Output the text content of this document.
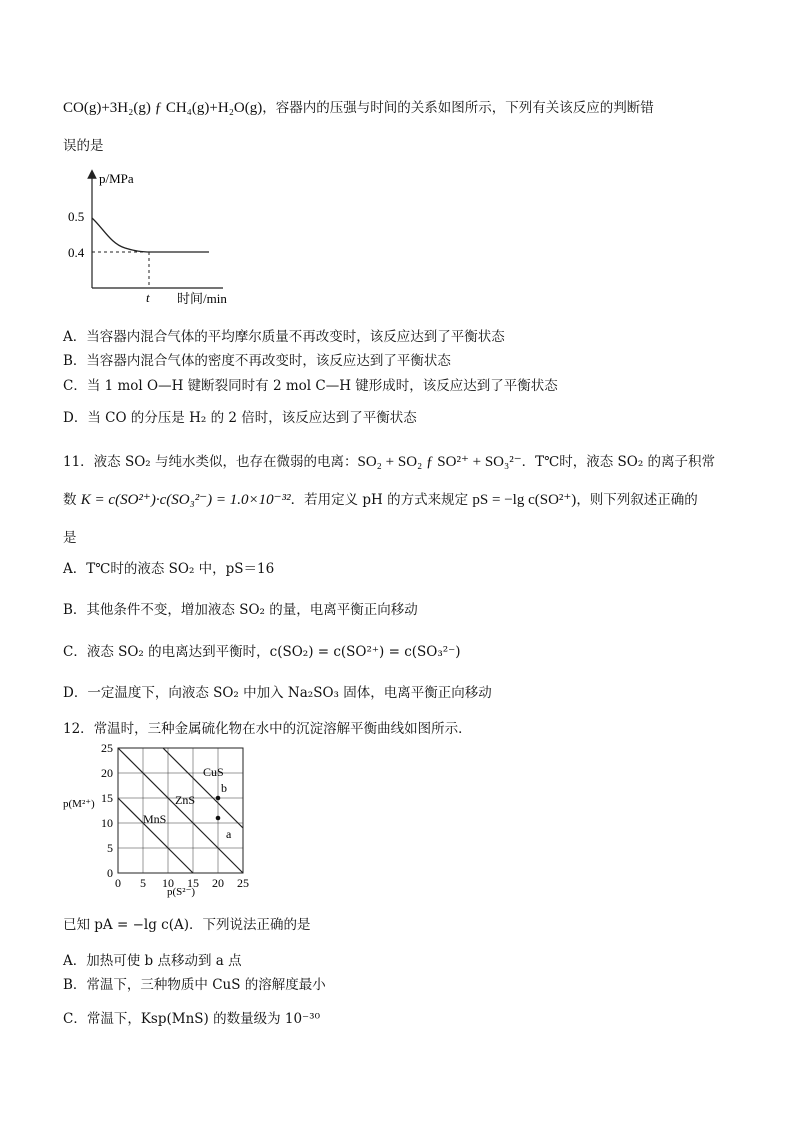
CO(g)+3H₂(g) ƒ CH₄(g)+H₂O(g)，容器内的压强与时间的关系如图所示，下列有关该反应的判断错
误的是
p/MPa
0.5
0.4
t 时间/min
A．当容器内混合气体的平均摩尔质量不再改变时，该反应达到了平衡状态
B．当容器内混合气体的密度不再改变时，该反应达到了平衡状态
C．当 1 mol O—H 键断裂同时有 2 mol C—H 键形成时，该反应达到了平衡状态
D．当 CO 的分压是 H₂ 的 2 倍时，该反应达到了平衡状态
11．液态 SO₂ 与纯水类似，也存在微弱的电离：SO₂ + SO₂ ƒ SO²⁺ + SO₃²⁻．T℃时，液态 SO₂ 的离子积常
数 K = c(SO²⁺)·c(SO₃²⁻) = 1.0×10⁻³²．若用定义 pH 的方式来规定 pS = −lg c(SO²⁺)，则下列叙述正确的
是
A．T℃时的液态 SO₂ 中，pS＝16
B．其他条件不变，增加液态 SO₂ 的量，电离平衡正向移动
C．液态 SO₂ 的电离达到平衡时，c(SO₂) = c(SO²⁺) = c(SO₃²⁻)
D．一定温度下，向液态 SO₂ 中加入 Na₂SO₃ 固体，电离平衡正向移动
12．常温时，三种金属硫化物在水中的沉淀溶解平衡曲线如图所示．
0
0
5
5
10
10
15
15
20
20
25
25
p(M²⁺)
p(S²⁻)
MnS
ZnS
CuS
b
a
已知 pA = −lg c(A)．下列说法正确的是
A．加热可使 b 点移动到 a 点
B．常温下，三种物质中 CuS 的溶解度最小
C．常温下，Ksp(MnS) 的数量级为 10⁻³⁰
